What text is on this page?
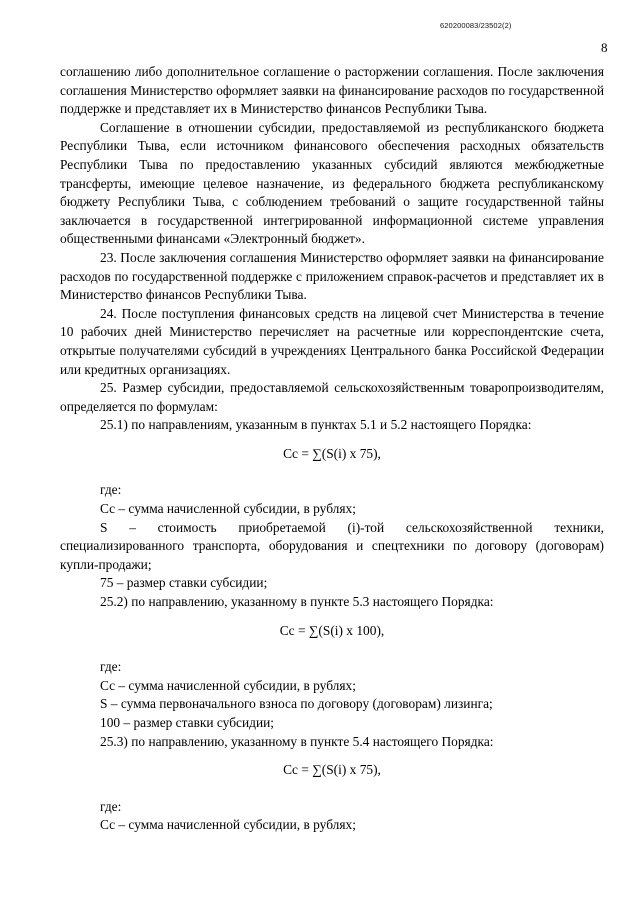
620200083/23502(2)
8

соглашению либо дополнительное соглашение о расторжении соглашения. После заключения соглашения Министерство оформляет заявки на финансирование расходов по государственной поддержке и представляет их в Министерство финансов Республики Тыва.

Соглашение в отношении субсидии, предоставляемой из республиканского бюджета Республики Тыва, если источником финансового обеспечения расходных обязательств Республики Тыва по предоставлению указанных субсидий являются межбюджетные трансферты, имеющие целевое назначение, из федерального бюджета республиканскому бюджету Республики Тыва, с соблюдением требований о защите государственной тайны заключается в государственной интегрированной информационной системе управления общественными финансами «Электронный бюджет».

23. После заключения соглашения Министерство оформляет заявки на финансирование расходов по государственной поддержке с приложением справок-расчетов и представляет их в Министерство финансов Республики Тыва.

24. После поступления финансовых средств на лицевой счет Министерства в течение 10 рабочих дней Министерство перечисляет на расчетные или корреспондентские счета, открытые получателями субсидий в учреждениях Центрального банка Российской Федерации или кредитных организациях.

25. Размер субсидии, предоставляемой сельскохозяйственным товаропроизводителям, определяется по формулам:

25.1) по направлениям, указанным в пунктах 5.1 и 5.2 настоящего Порядка:

Cc = ∑(S(i) x 75),

где:

Сс – сумма начисленной субсидии, в рублях;

S – стоимость приобретаемой (i)-той сельскохозяйственной техники, специализированного транспорта, оборудования и спецтехники по договору (договорам) купли-продажи;

75 – размер ставки субсидии;

25.2) по направлению, указанному в пункте 5.3 настоящего Порядка:

Cc = ∑(S(i) x 100),

где:

Сс – сумма начисленной субсидии, в рублях;

S – сумма первоначального взноса по договору (договорам) лизинга;

100 – размер ставки субсидии;

25.3) по направлению, указанному в пункте 5.4 настоящего Порядка:

Cc = ∑(S(i) x 75),

где:

Сс – сумма начисленной субсидии, в рублях;
